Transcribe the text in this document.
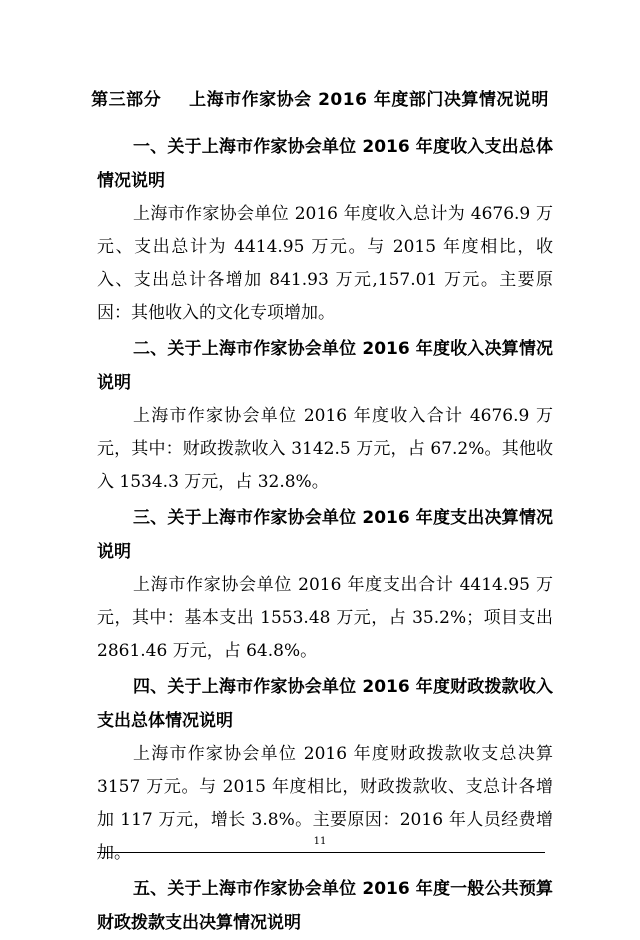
第三部分 上海市作家协会 2016 年度部门决算情况说明

一、关于上海市作家协会单位 2016 年度收入支出总体情况说明

上海市作家协会单位 2016 年度收入总计为 4676.9 万元、支出总计为 4414.95 万元。与 2015 年度相比，收入、支出总计各增加 841.93 万元,157.01 万元。主要原因：其他收入的文化专项增加。

二、关于上海市作家协会单位 2016 年度收入决算情况说明

上海市作家协会单位 2016 年度收入合计 4676.9 万元，其中：财政拨款收入 3142.5 万元，占 67.2%。其他收入 1534.3 万元，占 32.8%。

三、关于上海市作家协会单位 2016 年度支出决算情况说明

上海市作家协会单位 2016 年度支出合计 4414.95 万元，其中：基本支出 1553.48 万元，占 35.2%；项目支出 2861.46 万元，占 64.8%。

四、关于上海市作家协会单位 2016 年度财政拨款收入支出总体情况说明

上海市作家协会单位 2016 年度财政拨款收支总决算 3157 万元。与 2015 年度相比，财政拨款收、支总计各增加 117 万元，增长 3.8%。主要原因：2016 年人员经费增加。

五、关于上海市作家协会单位 2016 年度一般公共预算财政拨款支出决算情况说明

11
